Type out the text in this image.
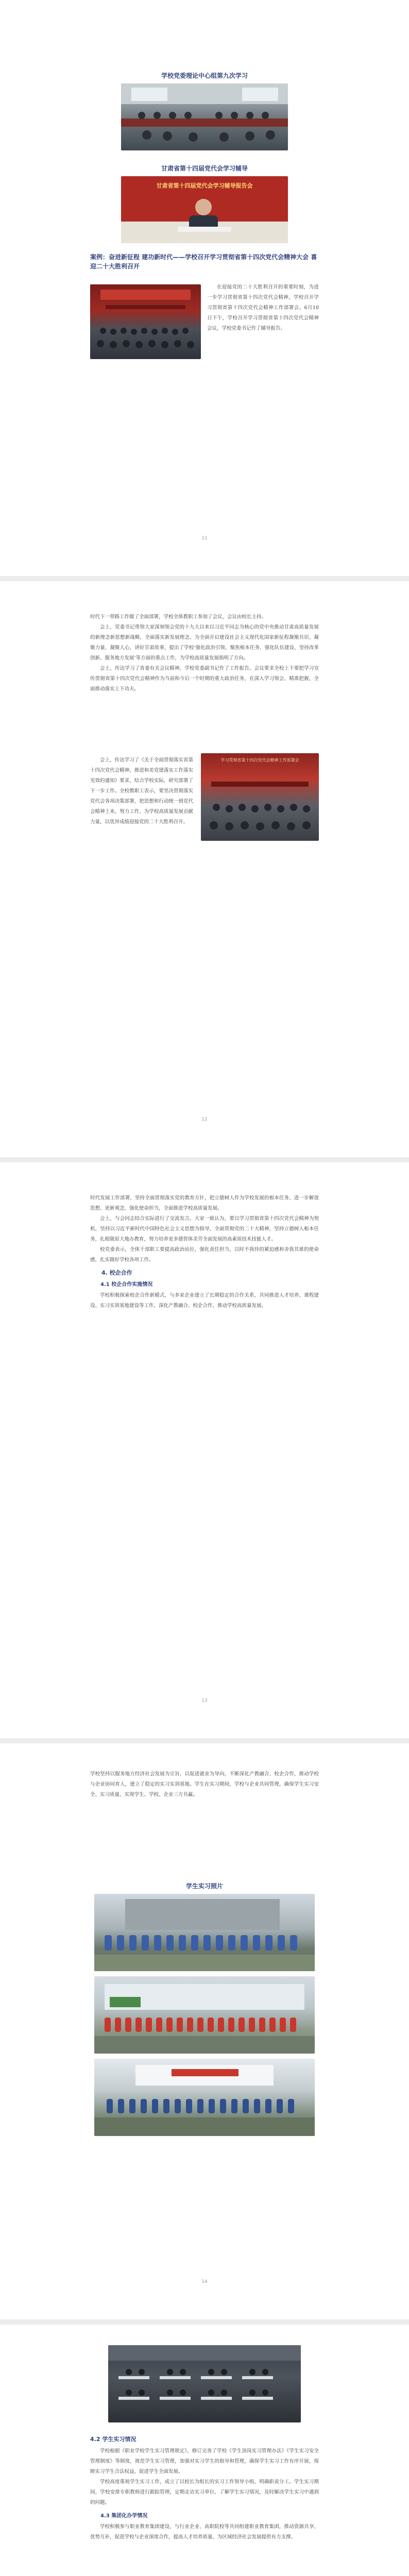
学校党委理论中心组第九次学习
甘肃省第十四届党代会学习辅导
甘肃省第十四届党代会学习辅导报告会
案例：奋进新征程 建功新时代——学校召开学习贯彻省第十四次党代会精神大会 喜迎二十大胜利召开

在迎接党的二十大胜利召开的重要时刻，为进一步学习贯彻省第十四次党代会精神，学校召开学习贯彻省第十四次党代会精神工作部署会。6月10日下午，学校召开学习贯彻省第十四次党代会精神会议，学校党委书记作了辅导报告。

11

时代下一带路工作做了全面部署，学校全体教职工参加了会议，会议由校长主持。

会上，党委书记带领大家深刻领会党的十九大以来以习近平同志为核心的党中央推动甘肃高质量发展的新理念新思想新战略，全面落实新发展理念，为全面开启建设社会主义现代化国家新征程凝聚共识、凝聚力量、凝聚人心，讲好甘肃故事，提出了学校‘强化政治引领、聚焦根本任务、强化队伍建设、坚持改革创新、服务地方发展’等方面的重点工作，为学校高质量发展指明了方向。

会上，传达学习了省委有关会议精神，学校党委副书记作了工作报告。会议要求全校上下要把学习宣传贯彻省第十四次党代会精神作为当前和今后一个时期的重大政治任务，在深入学习领会、精准把握，全面推动落实上下功夫。

会上，传达学习了《关于全面贯彻落实省第十四次党代会精神，推进和美党建落实工作落实见效的通知》要求，结合学校实际，研究部署了下一步工作。全校教职工表示，要坚决贯彻落实党代会各项决策部署，把思想和行动统一到党代会精神上来，努力工作，为学校高质量发展贡献力量，以优异成绩迎接党的二十大胜利召开。

学习贯彻省第十四次党代会精神工作部署会
12

时代发展工作部署，坚持全面贯彻落实党的教育方针，把立德树人作为学校发展的根本任务，进一步解放思想、更新观念，强化使命担当，全面推进学校高质量发展。

会上，与会同志结合实际进行了交流发言。大家一致认为，要以学习贯彻省第十四次党代会精神为契机，坚持以习近平新时代中国特色社会主义思想为指导，全面贯彻党的二十大精神，坚持立德树人根本任务，扎根陇原大地办教育，努力培养更多德智体美劳全面发展的高素质技术技能人才。

校党委表示，全体干部职工要提高政治站位，强化责任担当，以时不我待的紧迫感和舍我其谁的使命感，扎实做好学校各项工作。

4. 校企合作
4.1 校企合作实施情况

学校积极探索校企合作新模式，与多家企业建立了长期稳定的合作关系，共同推进人才培养、课程建设、实习实训基地建设等工作，深化产教融合、校企合作，推动学校高质量发展。

13

学校坚持以服务地方经济社会发展为宗旨，以促进就业为导向，不断深化产教融合、校企合作，推动学校与企业协同育人，建立了稳定的实习实训基地。学生在实习期间，学校与企业共同管理，确保学生实习安全、实习质量，实现学生、学校、企业三方共赢。

学生实习照片
14
4.2 学生实习情况

学校根据《职业学校学生实习管理规定》，修订完善了学校《学生顶岗实习管理办法》《学生实习安全管理制度》等制度，规范学生实习管理，加强对实习学生的指导和管理，确保学生实习工作有序开展，保障实习学生合法权益，促进学生全面发展。

学校高度重视学生实习工作，成立了以校长为组长的实习工作领导小组，明确职责分工。学生实习期间，学校安排专职教师进行跟踪管理，定期走访实习单位，了解学生实习情况，及时解决学生实习中遇到的问题。

4.3 集团化办学情况

学校积极参与职业教育集团建设，与行业企业、高职院校等共同组建职业教育集团，推动资源共享、优势互补，促进学校与企业深度合作，提高人才培养质量，为区域经济社会发展提供有力支撑。
